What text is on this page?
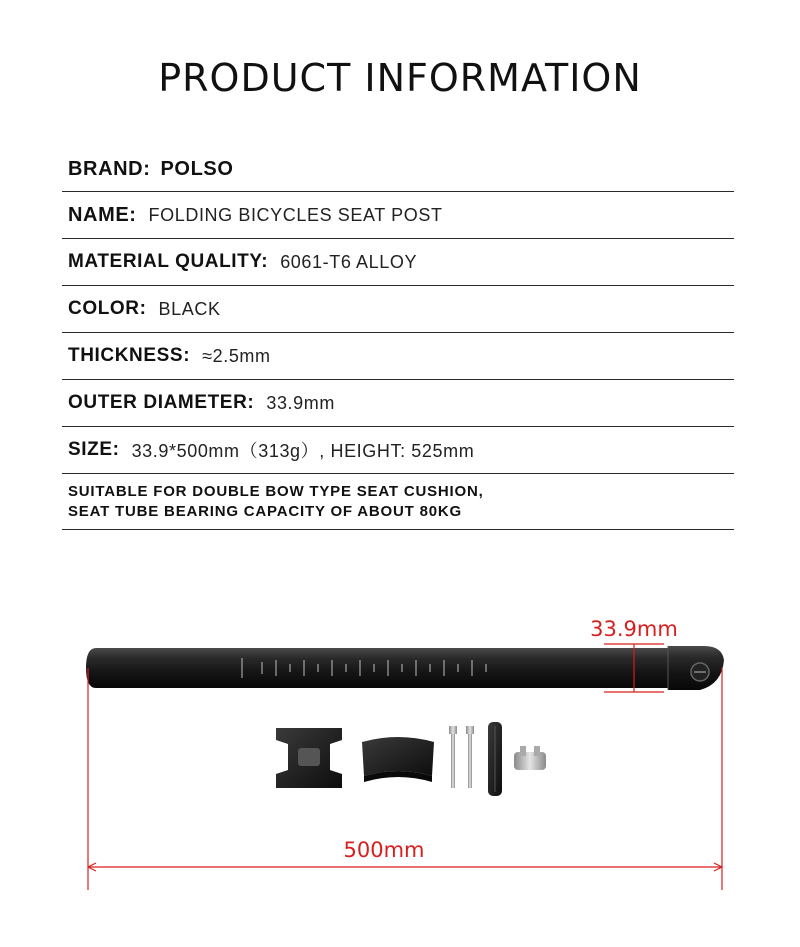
PRODUCT INFORMATION
BRAND: POLSO
NAME: FOLDING BICYCLES SEAT POST
MATERIAL QUALITY: 6061-T6 ALLOY
COLOR: BLACK
THICKNESS: ≈2.5mm
OUTER DIAMETER: 33.9mm
SIZE: 33.9*500mm（313g）, HEIGHT: 525mm
SUITABLE FOR DOUBLE BOW TYPE SEAT CUSHION,
SEAT TUBE BEARING CAPACITY OF ABOUT 80KG
33.9mm
500mm
